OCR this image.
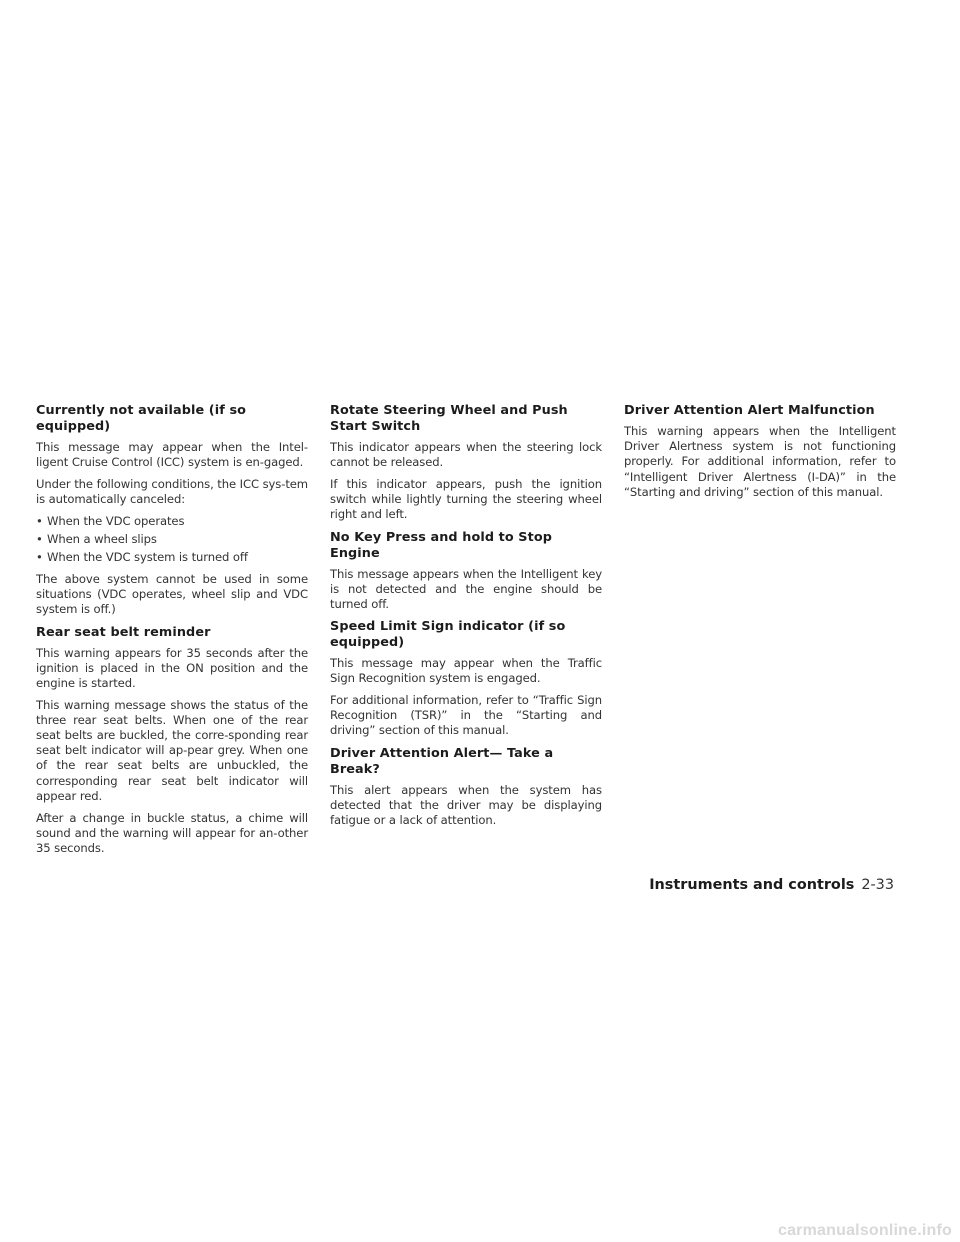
Currently not available (if so equipped)

This message may appear when the Intel-ligent Cruise Control (ICC) system is en-gaged.

Under the following conditions, the ICC sys-tem is automatically canceled:

• When the VDC operates
• When a wheel slips
• When the VDC system is turned off

The above system cannot be used in some situations (VDC operates, wheel slip and VDC system is off.)

Rear seat belt reminder

This warning appears for 35 seconds after the ignition is placed in the ON position and the engine is started.

This warning message shows the status of the three rear seat belts. When one of the rear seat belts are buckled, the corre-sponding rear seat belt indicator will ap-pear grey. When one of the rear seat belts are unbuckled, the corresponding rear seat belt indicator will appear red.

After a change in buckle status, a chime will sound and the warning will appear for an-other 35 seconds.

Rotate Steering Wheel and Push Start Switch

This indicator appears when the steering lock cannot be released.

If this indicator appears, push the ignition switch while lightly turning the steering wheel right and left.

No Key Press and hold to Stop Engine

This message appears when the Intelligent key is not detected and the engine should be turned off.

Speed Limit Sign indicator (if so equipped)

This message may appear when the Traffic Sign Recognition system is engaged.

For additional information, refer to “Traffic Sign Recognition (TSR)” in the “Starting and driving” section of this manual.

Driver Attention Alert— Take a Break?

This alert appears when the system has detected that the driver may be displaying fatigue or a lack of attention.

Driver Attention Alert Malfunction

This warning appears when the Intelligent Driver Alertness system is not functioning properly. For additional information, refer to “Intelligent Driver Alertness (I-DA)” in the “Starting and driving” section of this manual.

Instruments and controls 2-33
carmanualsonline.info
